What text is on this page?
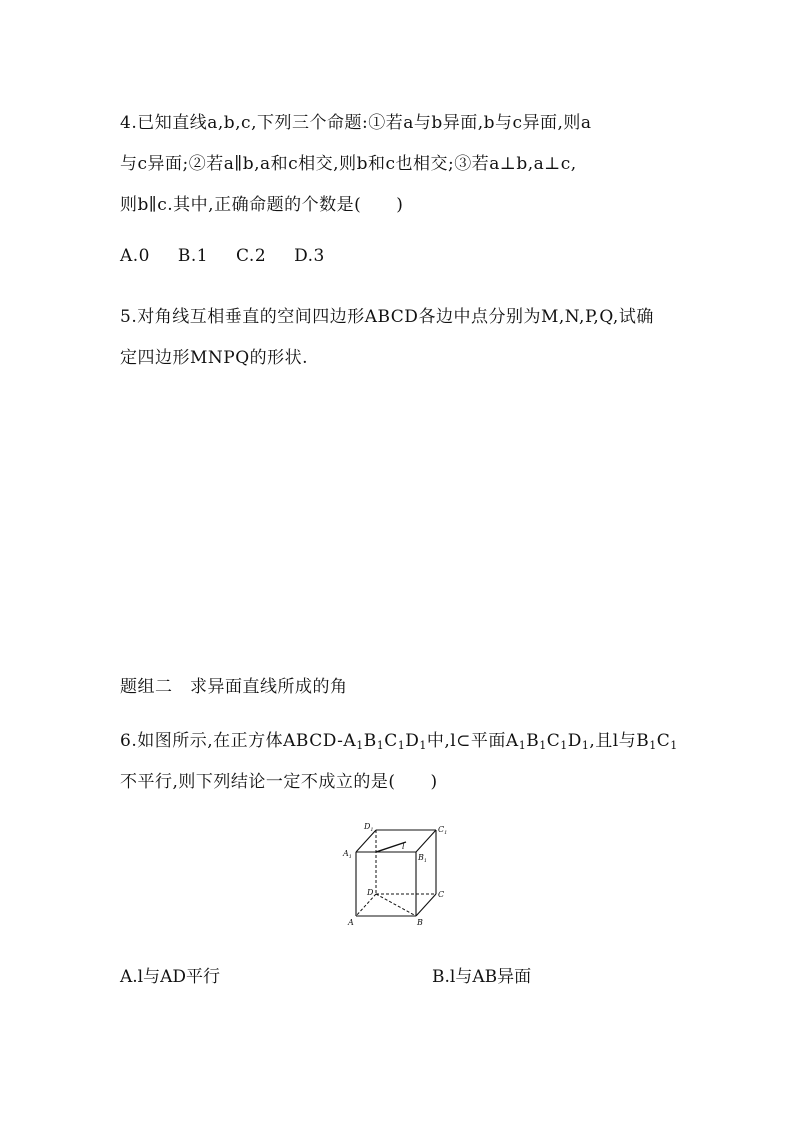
4.已知直线a,b,c,下列三个命题:①若a与b异面,b与c异面,则a
与c异面;②若a∥b,a和c相交,则b和c也相交;③若a⊥b,a⊥c,
则b∥c.其中,正确命题的个数是(　　)
A.0 B.1 C.2 D.3
5.对角线互相垂直的空间四边形ABCD各边中点分别为M,N,P,Q,试确
定四边形MNPQ的形状.
题组二　求异面直线所成的角
6.如图所示,在正方体ABCD-$A_1B_1C_1D_1$中,l⊂平面$A_1B_1C_1D_1$,且l与$B_1C_1$
不平行,则下列结论一定不成立的是(　　)
$D_1$	$C_1$
$A_1$	$B_1$
l
D	C
A	B
A.l与AD平行	B.l与AB异面
